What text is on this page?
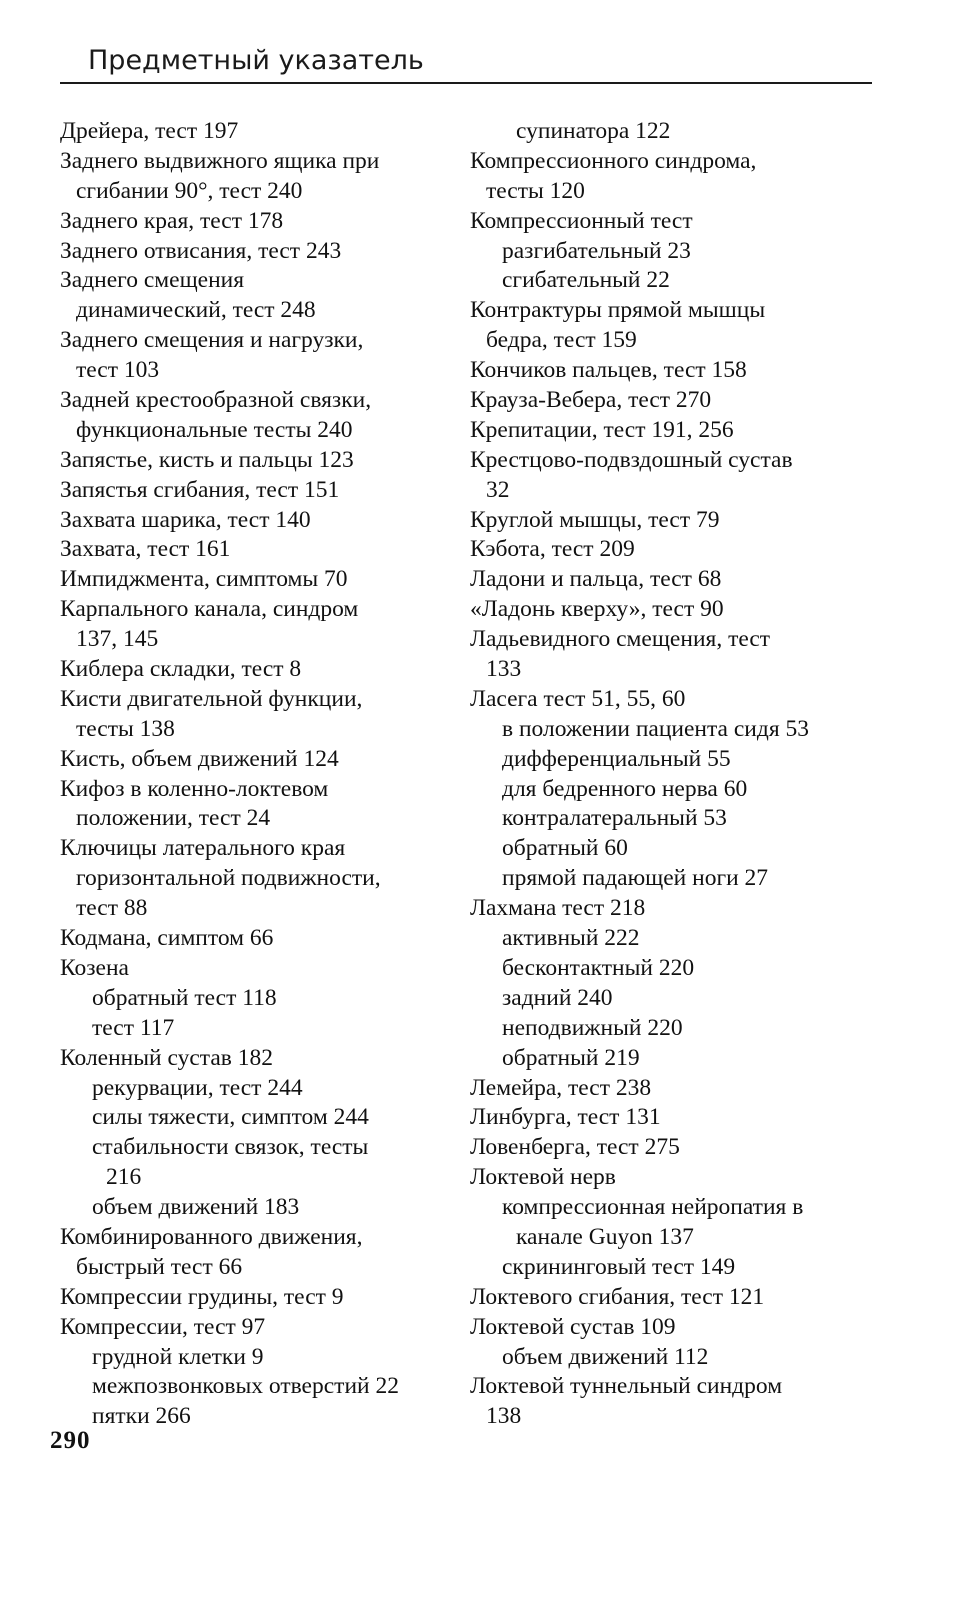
Предметный указатель
Дрейера, тест 197
Заднего выдвижного ящика при
сгибании 90°, тест 240
Заднего края, тест 178
Заднего отвисания, тест 243
Заднего смещения
динамический, тест 248
Заднего смещения и нагрузки,
тест 103
Задней крестообразной связки,
функциональные тесты 240
Запястье, кисть и пальцы 123
Запястья сгибания, тест 151
Захвата шарика, тест 140
Захвата, тест 161
Импиджмента, симптомы 70
Карпального канала, синдром
137, 145
Киблера складки, тест 8
Кисти двигательной функции,
тесты 138
Кисть, объем движений 124
Кифоз в коленно-локтевом
положении, тест 24
Ключицы латерального края
горизонтальной подвижности,
тест 88
Кодмана, симптом 66
Козена
обратный тест 118
тест 117
Коленный сустав 182
рекурвации, тест 244
силы тяжести, симптом 244
стабильности связок, тесты
216
объем движений 183
Комбинированного движения,
быстрый тест 66
Компрессии грудины, тест 9
Компрессии, тест 97
грудной клетки 9
межпозвонковых отверстий 22
пятки 266
супинатора 122
Компрессионного синдрома,
тесты 120
Компрессионный тест
разгибательный 23
сгибательный 22
Контрактуры прямой мышцы
бедра, тест 159
Кончиков пальцев, тест 158
Крауза-Вебера, тест 270
Крепитации, тест 191, 256
Крестцово-подвздошный сустав
32
Круглой мышцы, тест 79
Кэбота, тест 209
Ладони и пальца, тест 68
«Ладонь кверху», тест 90
Ладьевидного смещения, тест
133
Ласега тест 51, 55, 60
в положении пациента сидя 53
дифференциальный 55
для бедренного нерва 60
контралатеральный 53
обратный 60
прямой падающей ноги 27
Лахмана тест 218
активный 222
бесконтактный 220
задний 240
неподвижный 220
обратный 219
Лемейра, тест 238
Линбурга, тест 131
Ловенберга, тест 275
Локтевой нерв
компрессионная нейропатия в
канале Guyon 137
скрининговый тест 149
Локтевого сгибания, тест 121
Локтевой сустав 109
объем движений 112
Локтевой туннельный синдром
138
290
